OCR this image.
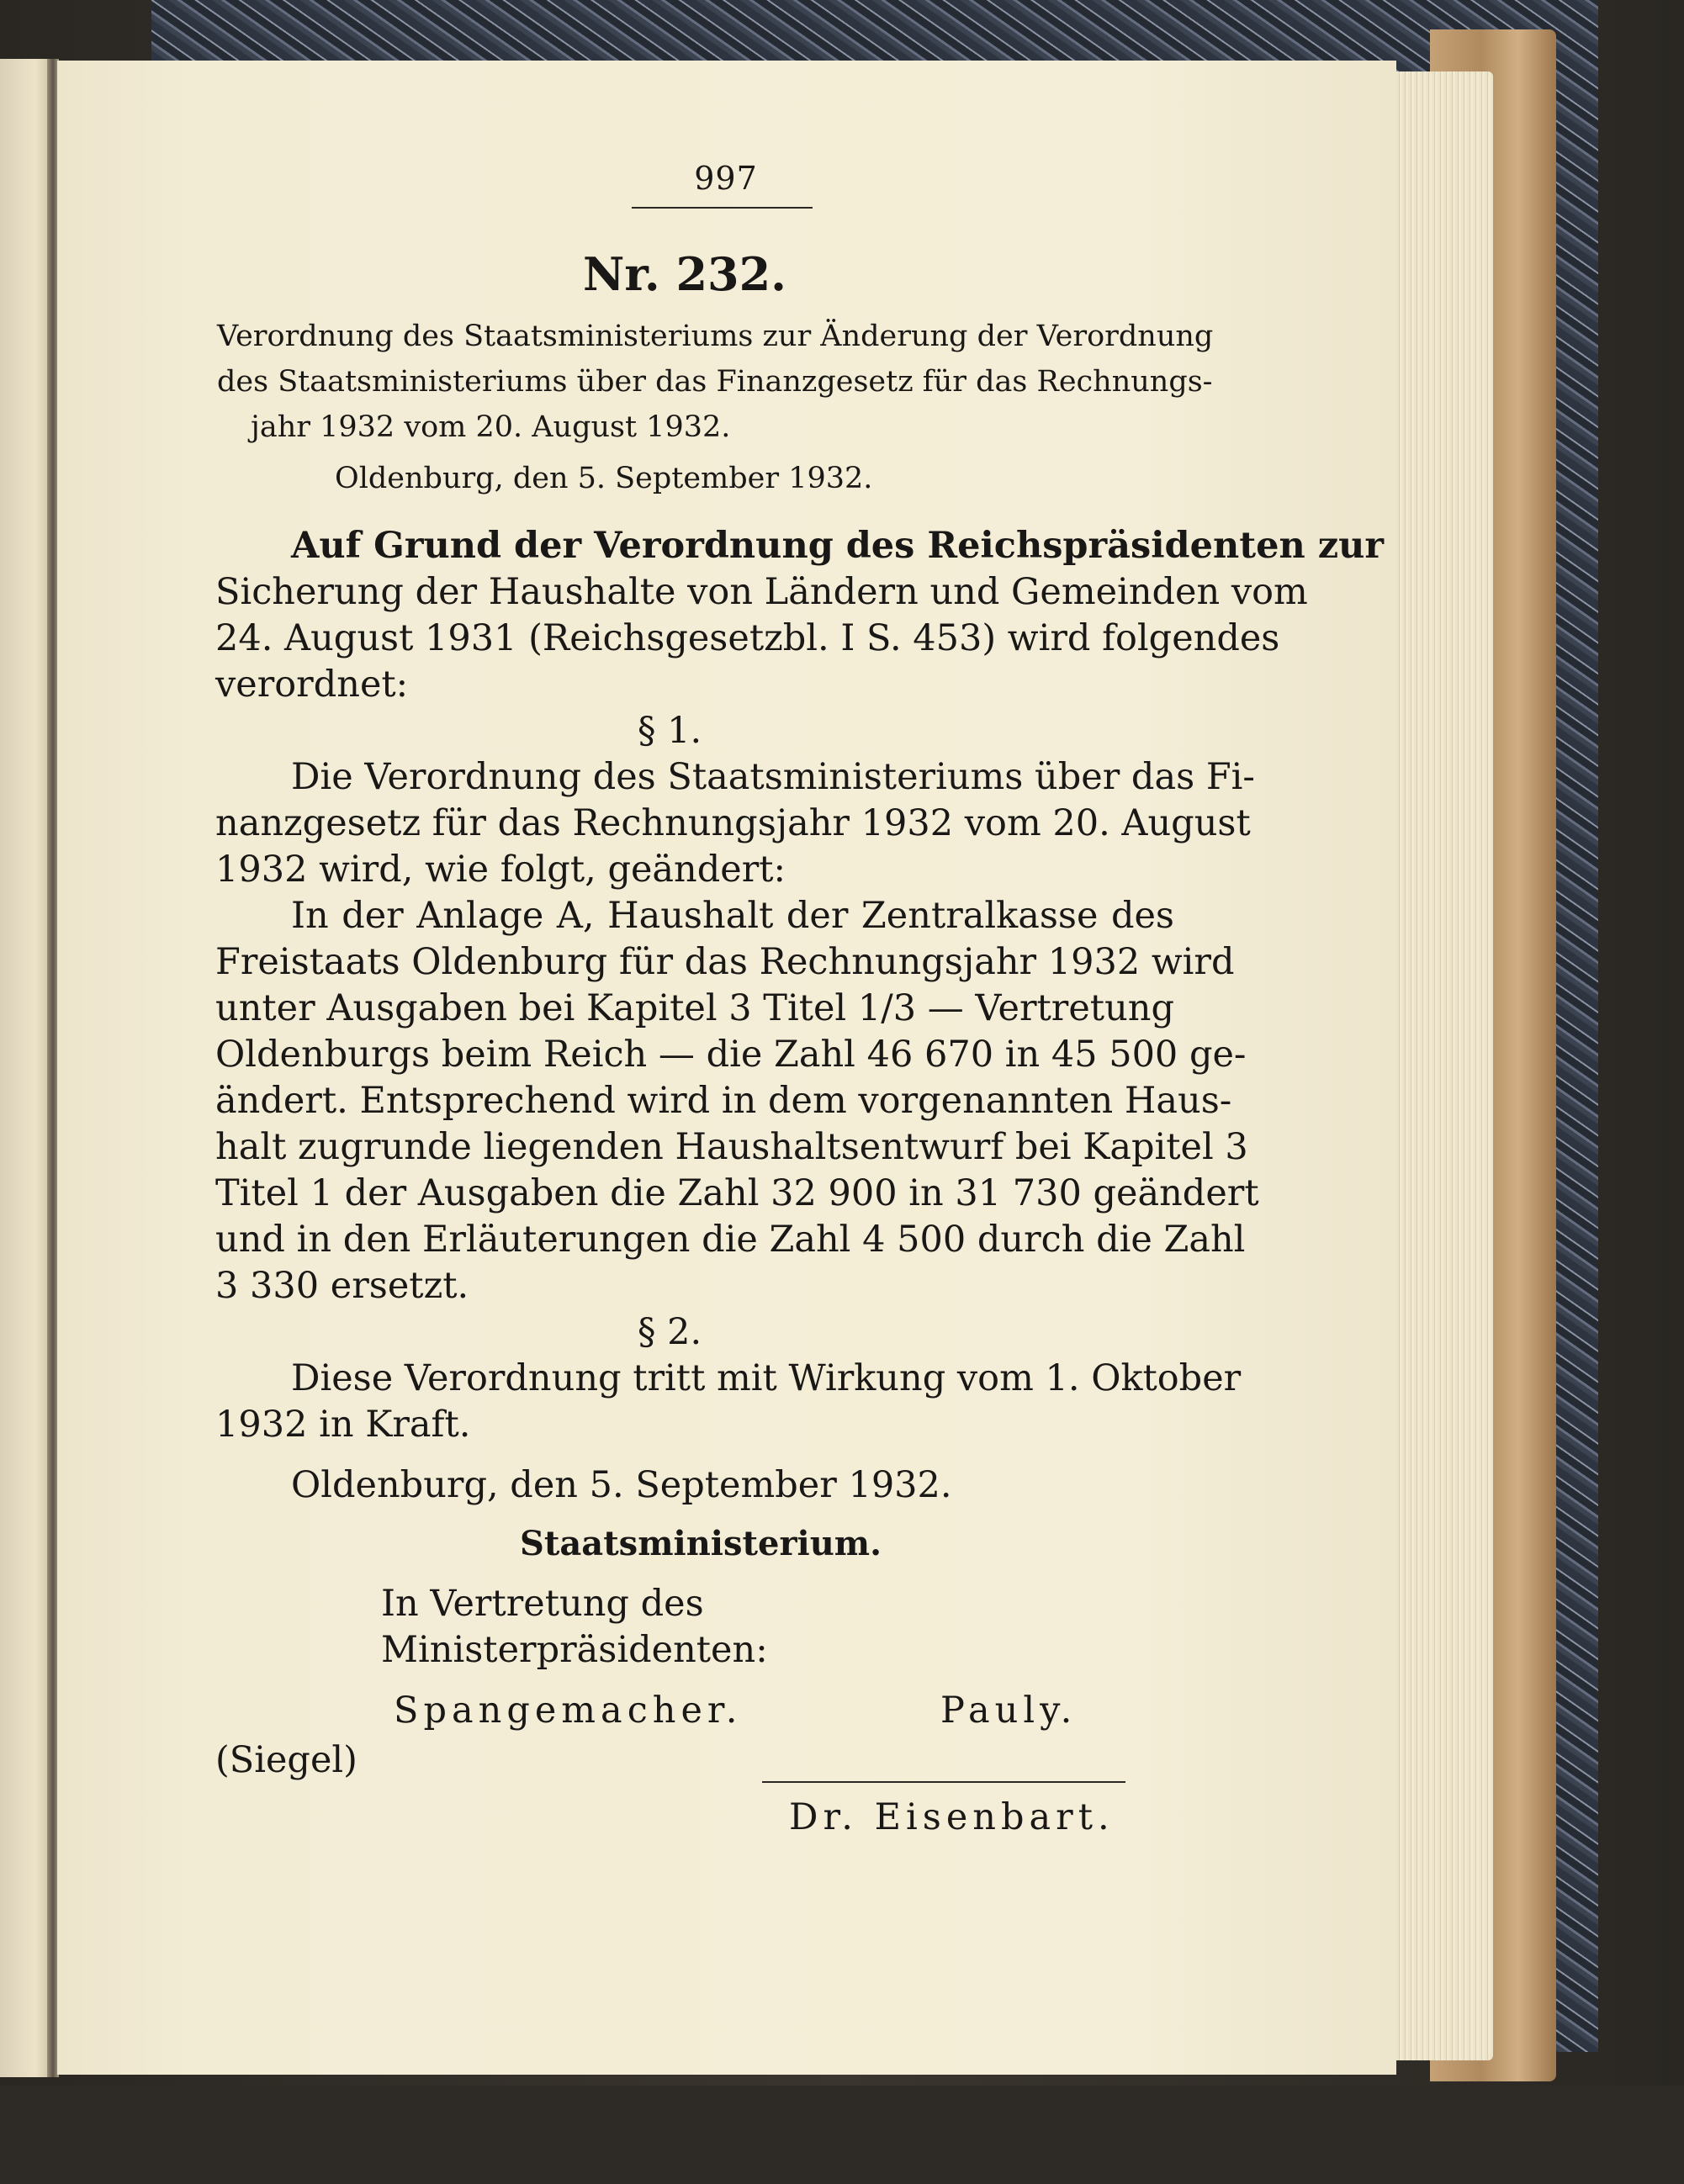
997
Nr. 232.
Verordnung des Staatsministeriums zur Änderung der Verordnung
des Staatsministeriums über das Finanzgesetz für das Rechnungs-
jahr 1932 vom 20. August 1932.
Oldenburg, den 5. September 1932.
Auf Grund der Verordnung des Reichspräsidenten zur
Sicherung der Haushalte von Ländern und Gemeinden vom
24. August 1931 (Reichsgesetzbl. I S. 453) wird folgendes
verordnet:
§ 1.
Die Verordnung des Staatsministeriums über das Fi-
nanzgesetz für das Rechnungsjahr 1932 vom 20. August
1932 wird, wie folgt, geändert:
In der Anlage A, Haushalt der Zentralkasse des
Freistaats Oldenburg für das Rechnungsjahr 1932 wird
unter Ausgaben bei Kapitel 3 Titel 1/3 — Vertretung
Oldenburgs beim Reich — die Zahl 46 670 in 45 500 ge-
ändert. Entsprechend wird in dem vorgenannten Haus-
halt zugrunde liegenden Haushaltsentwurf bei Kapitel 3
Titel 1 der Ausgaben die Zahl 32 900 in 31 730 geändert
und in den Erläuterungen die Zahl 4 500 durch die Zahl
3 330 ersetzt.
§ 2.
Diese Verordnung tritt mit Wirkung vom 1. Oktober
1932 in Kraft.
Oldenburg, den 5. September 1932.
Staatsministerium.
In Vertretung des
Ministerpräsidenten:
Spangemacher.	Pauly.
(Siegel)
Dr. Eisenbart.
